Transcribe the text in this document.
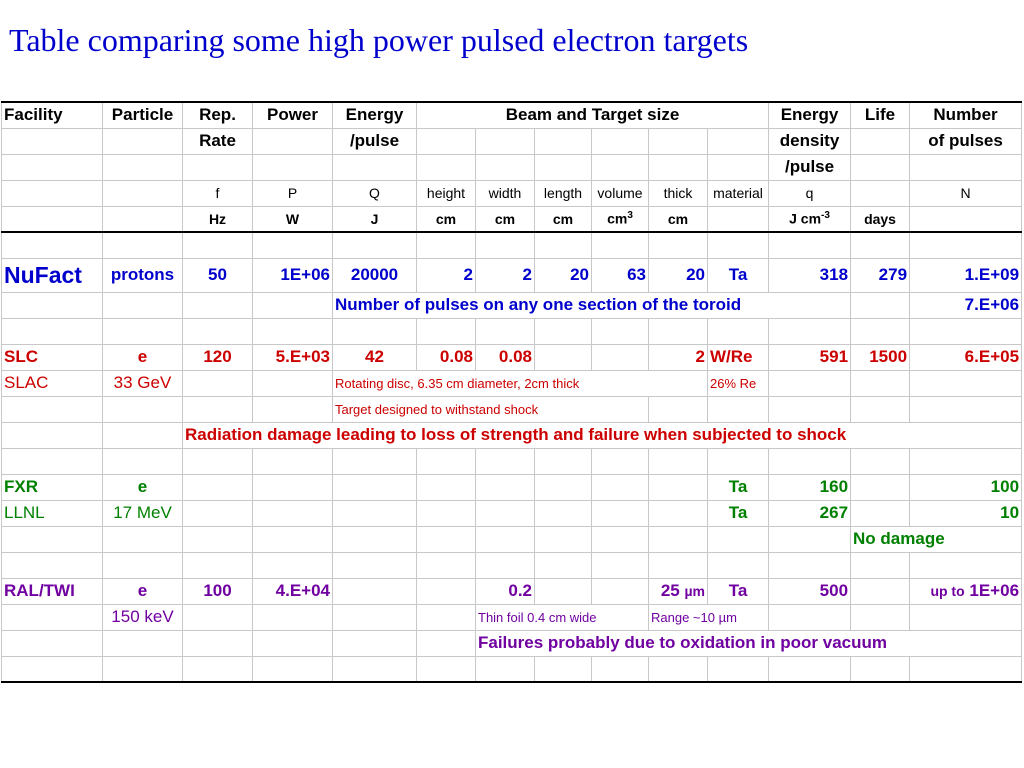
Table comparing some high power pulsed electron targets
Facility	Particle	Rep.	Power	Energy	Beam and Target size						Energy	Life	Number
		Rate		/pulse							density		of pulses
											/pulse		
		f	P	Q	height	width	length	volume	thick	material	q		N
		Hz	W	J	cm	cm	cm	$cm^3$	cm		J $cm^{-3}$	days	

NuFact	protons	50	1E+06	20000	2	2	20	63	20	Ta	318	279	1.E+09
				Number of pulses on any one section of the toroid									7.E+06

SLC	e	120	5.E+03	42	0.08	0.08			2	W/Re	591	1500	6.E+05
SLAC	33 GeV			Rotating disc, 6.35 cm diameter, 2cm thick						26% Re			
				Target designed to withstand shock									
		Radiation damage leading to loss of strength and failure when subjected to shock											

FXR	e									Ta	160		100
LLNL	17 MeV									Ta	267		10
												No damage	

RAL/TWI	e	100	4.E+04			0.2			25 µm	Ta	500		up to 1E+06
	150 keV					Thin foil 0.4 cm wide			Range ~10 µm				
						Failures probably due to oxidation in poor vacuum							
